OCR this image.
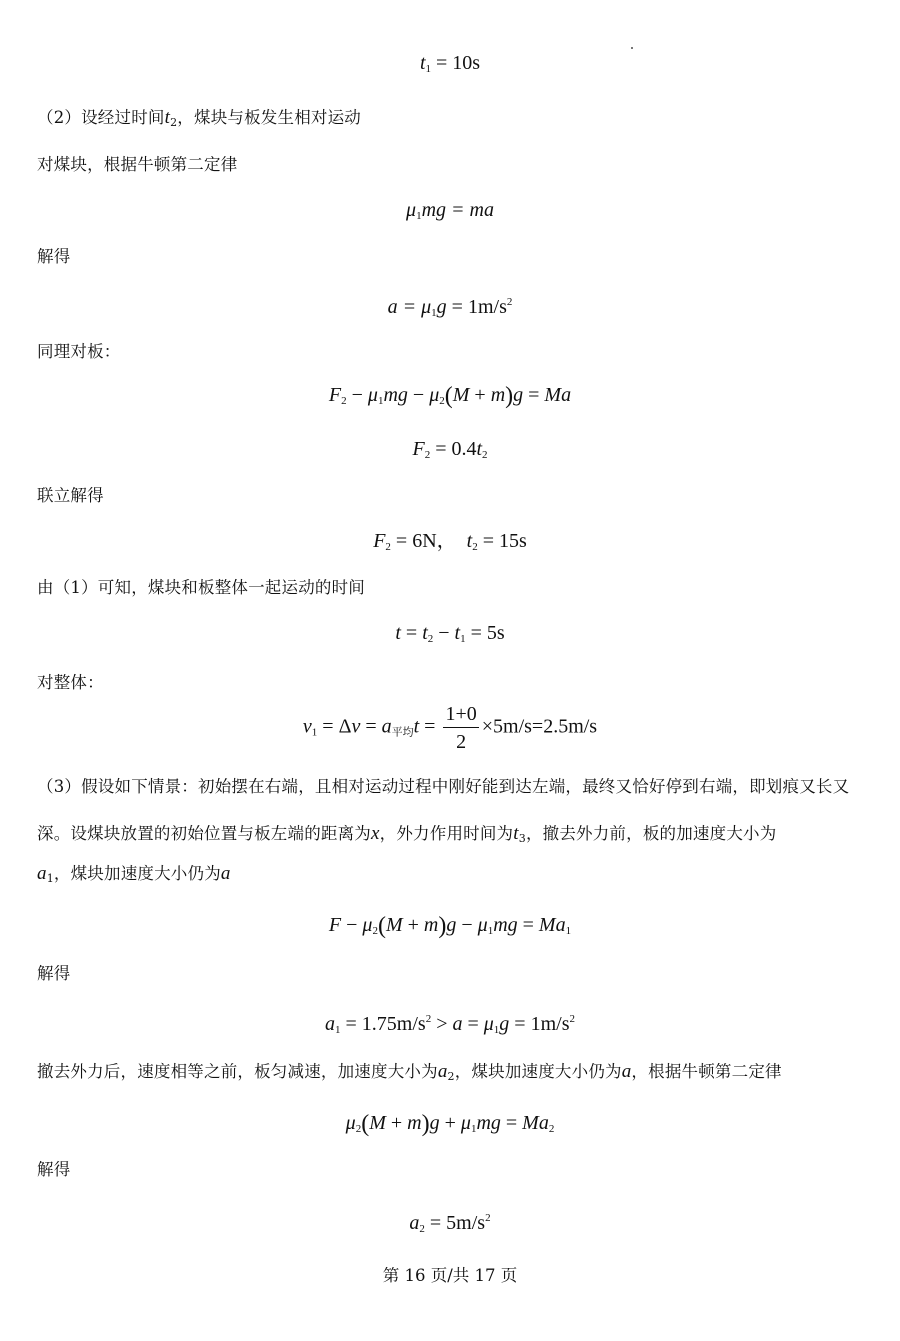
$t_1 = 10s$
（2）设经过时间$t_2$，煤块与板发生相对运动
对煤块，根据牛顿第二定律
$\mu_1mg$ = ma
解得
$a = \mu_1g = 1m/s^2$
同理对板：
$F_2 - \mu_1mg - \mu_2(M + m)g = Ma$
$F_2 = 0.4t_2$
联立解得
$F_2 = 6N$， $t_2 = 15s$
由（1）可知，煤块和板整体一起运动的时间
$t = t_2 - t_1 = 5s$
对整体：
$v_1 = \Delta v = a_{平均}t = \frac{1+0}{2} \times 5m/s=2.5m/s$
（3）假设如下情景：初始摆在右端，且相对运动过程中刚好能到达左端，最终又恰好停到右端，即划痕又长又深。设煤块放置的初始位置与板左端的距离为x，外力作用时间为$t_3$，撤去外力前，板的加速度大小为
$a_1$，煤块加速度大小仍为a
$F - \mu_2(M + m)g - \mu_1mg = Ma_1$
解得
$a_1 = 1.75m/s^2 > a = \mu_1g = 1m/s^2$
撤去外力后，速度相等之前，板匀减速，加速度大小为$a_2$，煤块加速度大小仍为a，根据牛顿第二定律
$\mu_2(M + m)g + \mu_1mg = Ma_2$
解得
$a_2 = 5m/s^2$
第 16 页/共 17 页
